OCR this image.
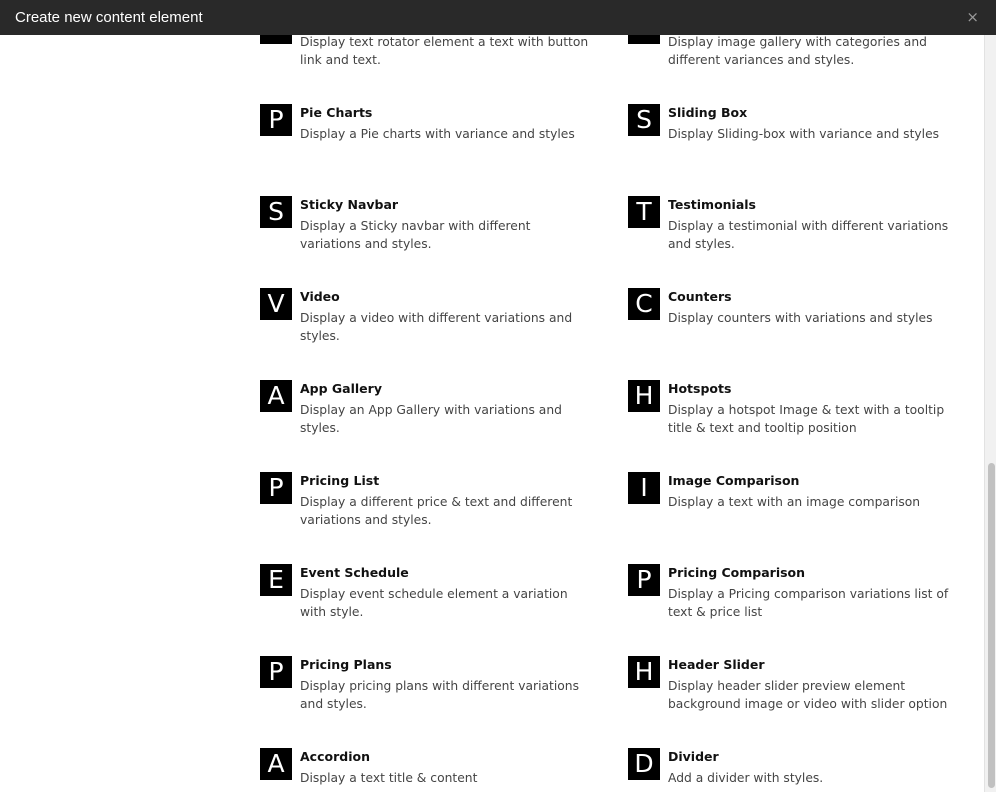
Create new content element	×
Display text rotator element a text with button link and text.
Display image gallery with categories and different variances and styles.
P	Pie Charts
Display a Pie charts with variance and styles	S	Sliding Box
Display Sliding-box with variance and styles
S	Sticky Navbar
Display a Sticky navbar with different variations and styles.
T	Testimonials
Display a testimonial with different variations and styles.
V	Video
Display a video with different variations and styles.
C	Counters
Display counters with variations and styles
A	App Gallery
Display an App Gallery with variations and styles.
H	Hotspots
Display a hotspot Image & text with a tooltip title & text and tooltip position
P	Pricing List
Display a different price & text and different variations and styles.
I	Image Comparison
Display a text with an image comparison
E	Event Schedule
Display event schedule element a variation with style.
P	Pricing Comparison
Display a Pricing comparison variations list of text & price list
P	Pricing Plans
Display pricing plans with different variations and styles.
H	Header Slider
Display header slider preview element background image or video with slider option
A	Accordion
Display a text title & content	D	Divider
Add a divider with styles.
